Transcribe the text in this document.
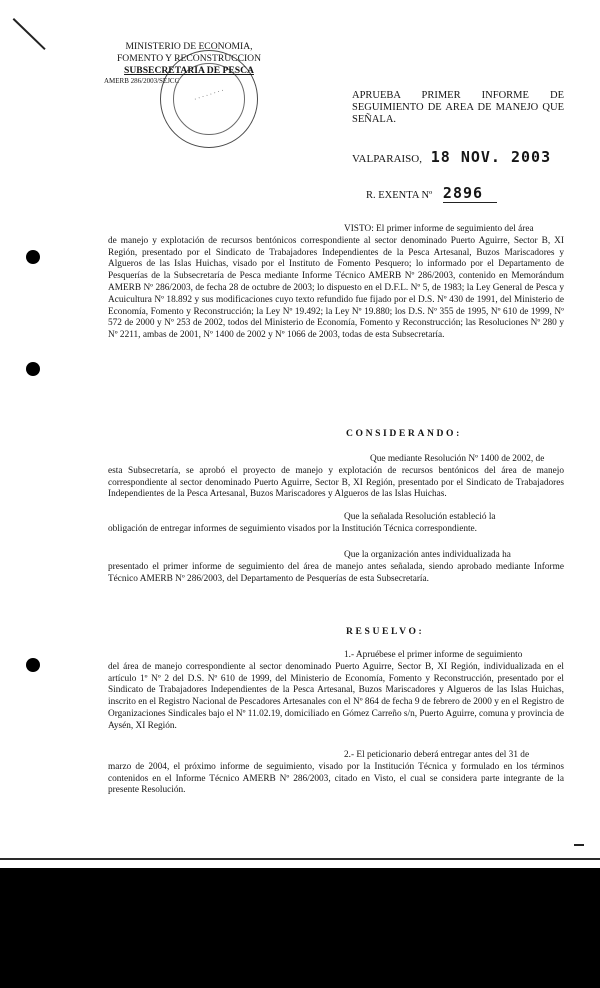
· · · · · · · ·
MINISTERIO DE ECONOMIA,
FOMENTO Y RECONSTRUCCION
SUBSECRETARIA DE PESCA
AMERB 286/2003/SEJCC
APRUEBA PRIMER INFORME DE SEGUIMIENTO DE AREA DE MANEJO QUE SEÑALA.
VALPARAISO, 18 NOV. 2003
R. EXENTA Nº 2896
VISTO: El primer informe de seguimiento del área
de manejo y explotación de recursos bentónicos correspondiente al sector denominado Puerto Aguirre, Sector B, XI Región, presentado por el Sindicato de Trabajadores Independientes de la Pesca Artesanal, Buzos Mariscadores y Algueros de las Islas Huichas, visado por el Instituto de Fomento Pesquero; lo informado por el Departamento de Pesquerías de la Subsecretaría de Pesca mediante Informe Técnico AMERB Nº 286/2003, contenido en Memorándum AMERB Nº 286/2003, de fecha 28 de octubre de 2003; lo dispuesto en el D.F.L. Nº 5, de 1983; la Ley General de Pesca y Acuicultura Nº 18.892 y sus modificaciones cuyo texto refundido fue fijado por el D.S. Nº 430 de 1991, del Ministerio de Economía, Fomento y Reconstrucción; la Ley Nº 19.492; la Ley Nº 19.880; los D.S. Nº 355 de 1995, Nº 610 de 1999, Nº 572 de 2000 y Nº 253 de 2002, todos del Ministerio de Economía, Fomento y Reconstrucción; las Resoluciones Nº 280 y Nº 2211, ambas de 2001, Nº 1400 de 2002 y Nº 1066 de 2003, todas de esta Subsecretaría.
CONSIDERANDO:
Que mediante Resolución Nº 1400 de 2002, de
esta Subsecretaría, se aprobó el proyecto de manejo y explotación de recursos bentónicos del área de manejo correspondiente al sector denominado Puerto Aguirre, Sector B, XI Región, presentado por el Sindicato de Trabajadores Independientes de la Pesca Artesanal, Buzos Mariscadores y Algueros de las Islas Huichas.
Que la señalada Resolución estableció la
obligación de entregar informes de seguimiento visados por la Institución Técnica correspondiente.
Que la organización antes individualizada ha
presentado el primer informe de seguimiento del área de manejo antes señalada, siendo aprobado mediante Informe Técnico AMERB Nº 286/2003, del Departamento de Pesquerías de esta Subsecretaría.
RESUELVO:
1.- Apruébese el primer informe de seguimiento
del área de manejo correspondiente al sector denominado Puerto Aguirre, Sector B, XI Región, individualizada en el artículo 1º Nº 2 del D.S. Nº 610 de 1999, del Ministerio de Economía, Fomento y Reconstrucción, presentado por el Sindicato de Trabajadores Independientes de la Pesca Artesanal, Buzos Mariscadores y Algueros de las Islas Huichas, inscrito en el Registro Nacional de Pescadores Artesanales con el Nº 864 de fecha 9 de febrero de 2000 y en el Registro de Organizaciones Sindicales bajo el Nº 11.02.19, domiciliado en Gómez Carreño s/n, Puerto Aguirre, comuna y provincia de Aysén, XI Región.
2.- El peticionario deberá entregar antes del 31 de
marzo de 2004, el próximo informe de seguimiento, visado por la Institución Técnica y formulado en los términos contenidos en el Informe Técnico AMERB Nº 286/2003, citado en Visto, el cual se considera parte integrante de la presente Resolución.
